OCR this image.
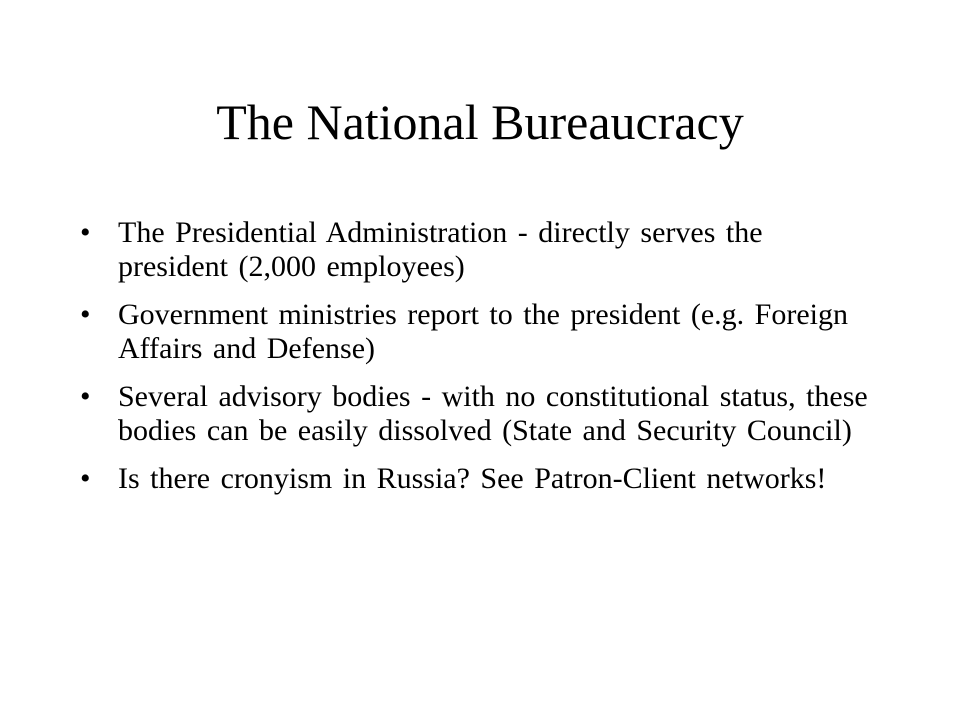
The National Bureaucracy
• The Presidential Administration - directly serves the president (2,000 employees)
• Government ministries report to the president (e.g. Foreign Affairs and Defense)
• Several advisory bodies - with no constitutional status, these bodies can be easily dissolved (State and Security Council)
• Is there cronyism in Russia? See Patron-Client networks!
